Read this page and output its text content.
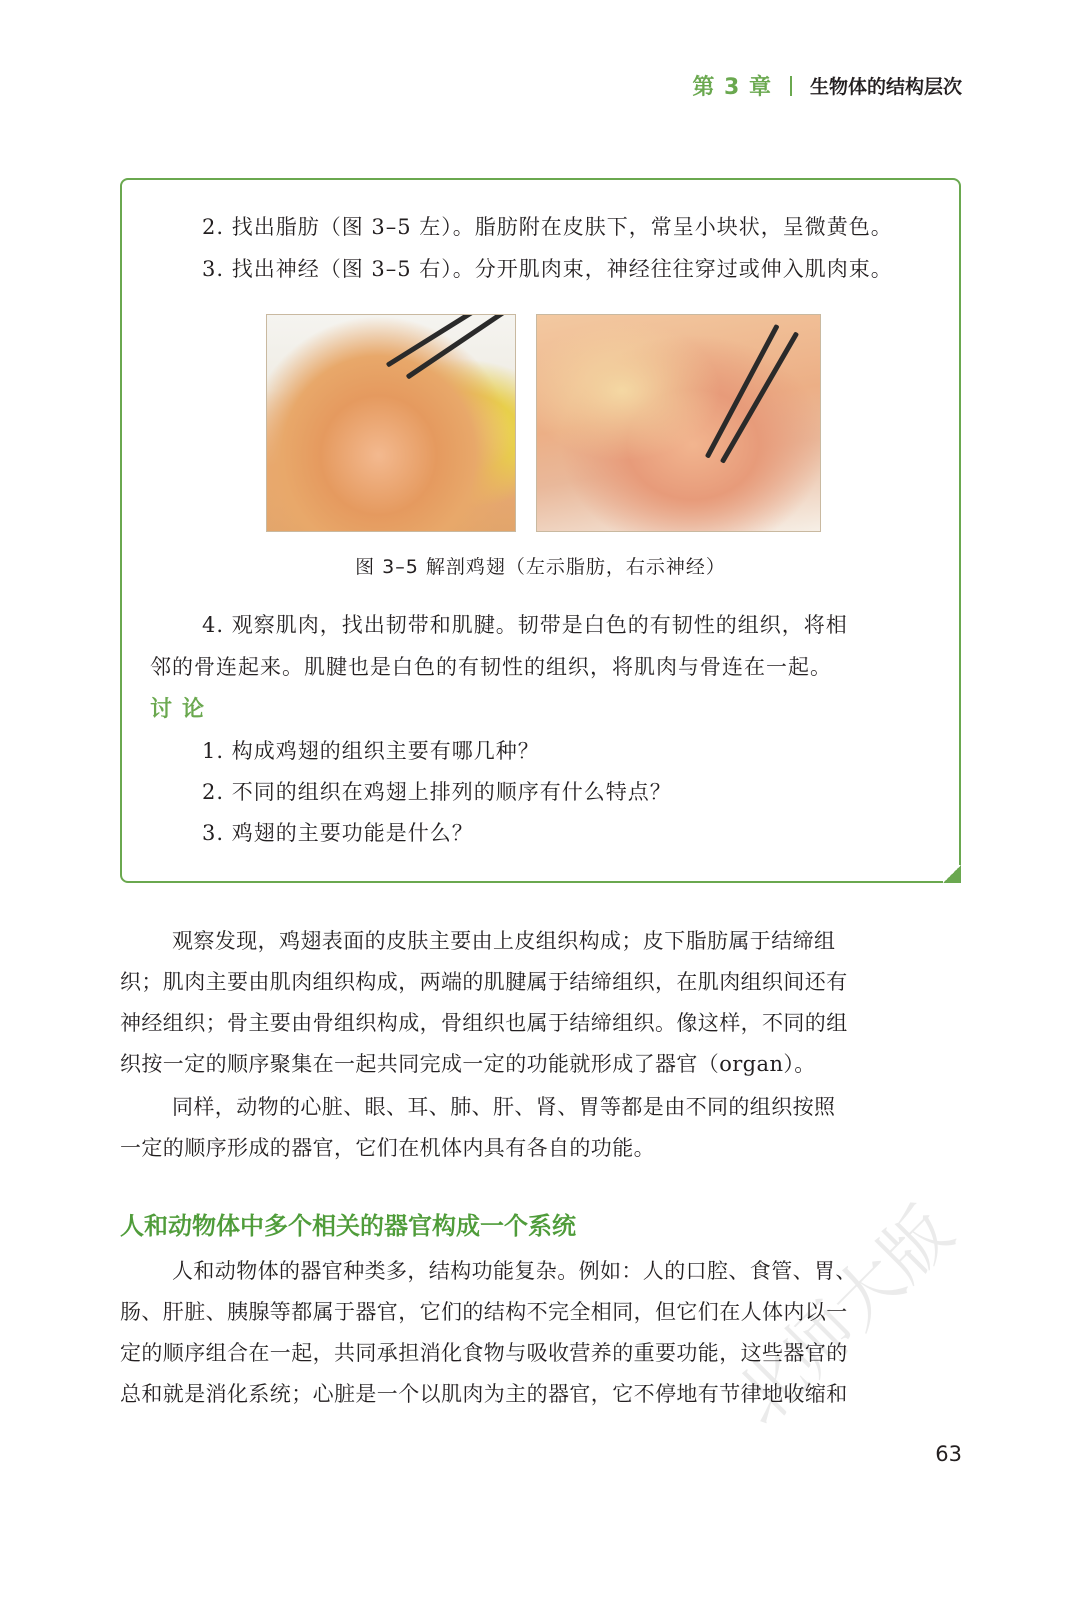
第 3 章 生物体的结构层次
2. 找出脂肪（图 3–5 左）。脂肪附在皮肤下，常呈小块状，呈微黄色。
3. 找出神经（图 3–5 右）。分开肌肉束，神经往往穿过或伸入肌肉束。
图 3–5 解剖鸡翅（左示脂肪，右示神经）
4. 观察肌肉，找出韧带和肌腱。韧带是白色的有韧性的组织，将相
邻的骨连起来。肌腱也是白色的有韧性的组织，将肌肉与骨连在一起。
讨论
1. 构成鸡翅的组织主要有哪几种？
2. 不同的组织在鸡翅上排列的顺序有什么特点？
3. 鸡翅的主要功能是什么？
观察发现，鸡翅表面的皮肤主要由上皮组织构成；皮下脂肪属于结缔组
织；肌肉主要由肌肉组织构成，两端的肌腱属于结缔组织，在肌肉组织间还有
神经组织；骨主要由骨组织构成，骨组织也属于结缔组织。像这样，不同的组
织按一定的顺序聚集在一起共同完成一定的功能就形成了器官（organ）。
同样，动物的心脏、眼、耳、肺、肝、肾、胃等都是由不同的组织按照
一定的顺序形成的器官，它们在机体内具有各自的功能。
人和动物体中多个相关的器官构成一个系统
人和动物体的器官种类多，结构功能复杂。例如：人的口腔、食管、胃、
肠、肝脏、胰腺等都属于器官，它们的结构不完全相同，但它们在人体内以一
定的顺序组合在一起，共同承担消化食物与吸收营养的重要功能，这些器官的
总和就是消化系统；心脏是一个以肌肉为主的器官，它不停地有节律地收缩和
63
北师大版
